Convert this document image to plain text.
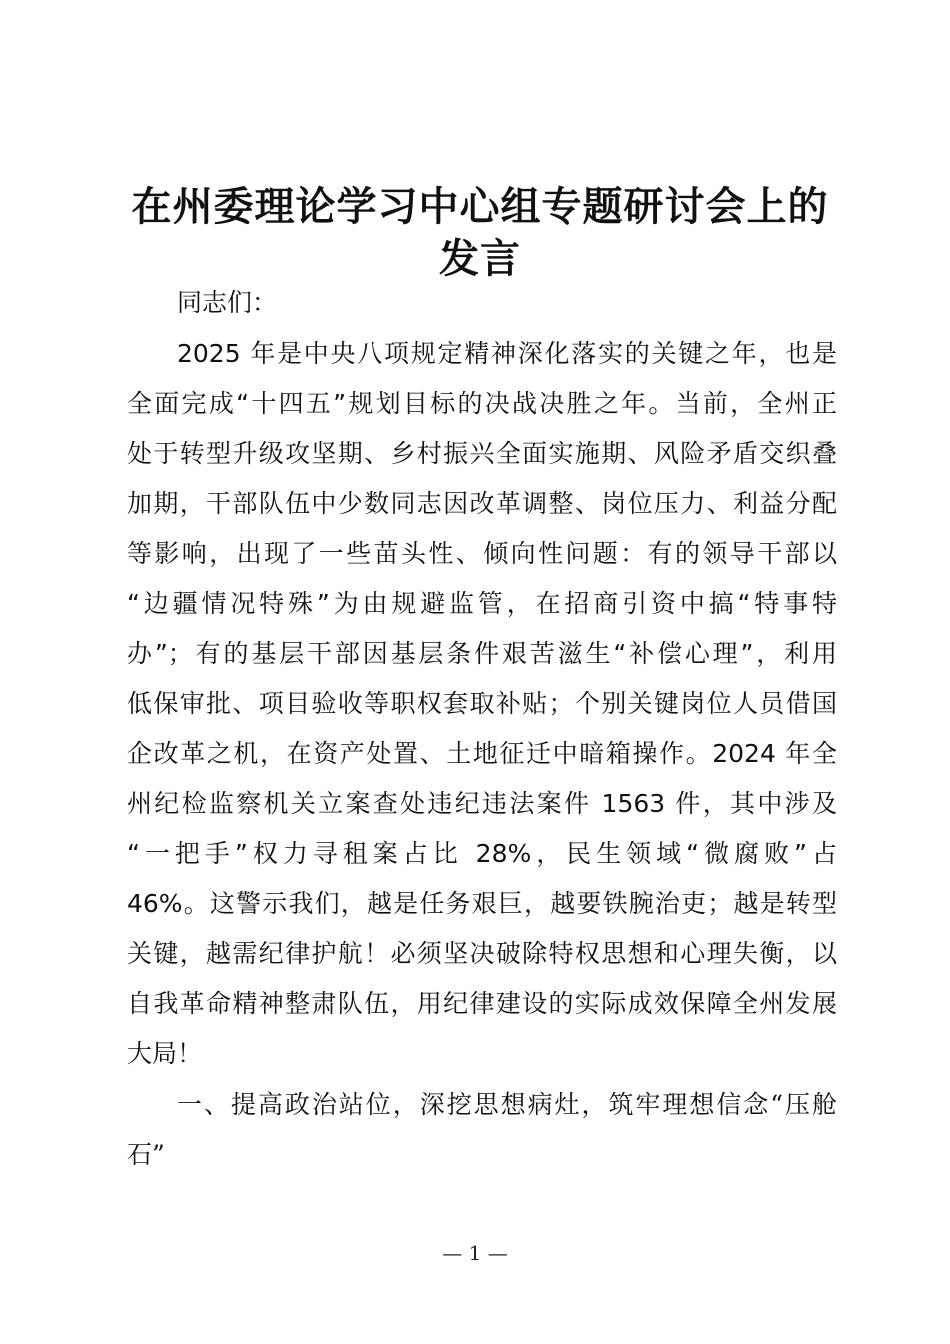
在州委理论学习中心组专题研讨会上的
发言
同志们：
2025 年是中央八项规定精神深化落实的关键之年，也是
全面完成“十四五”规划目标的决战决胜之年。当前，全州正
处于转型升级攻坚期、乡村振兴全面实施期、风险矛盾交织叠
加期，干部队伍中少数同志因改革调整、岗位压力、利益分配
等影响，出现了一些苗头性、倾向性问题：有的领导干部以
“边疆情况特殊”为由规避监管，在招商引资中搞“特事特
办”；有的基层干部因基层条件艰苦滋生“补偿心理”，利用
低保审批、项目验收等职权套取补贴；个别关键岗位人员借国
企改革之机，在资产处置、土地征迁中暗箱操作。2024 年全
州纪检监察机关立案查处违纪违法案件 1563 件，其中涉及
“一把手”权力寻租案占比 28%，民生领域“微腐败”占
46%。这警示我们，越是任务艰巨，越要铁腕治吏；越是转型
关键，越需纪律护航！必须坚决破除特权思想和心理失衡，以
自我革命精神整肃队伍，用纪律建设的实际成效保障全州发展
大局！
一、提高政治站位，深挖思想病灶，筑牢理想信念“压舱
石”
— 1 —
